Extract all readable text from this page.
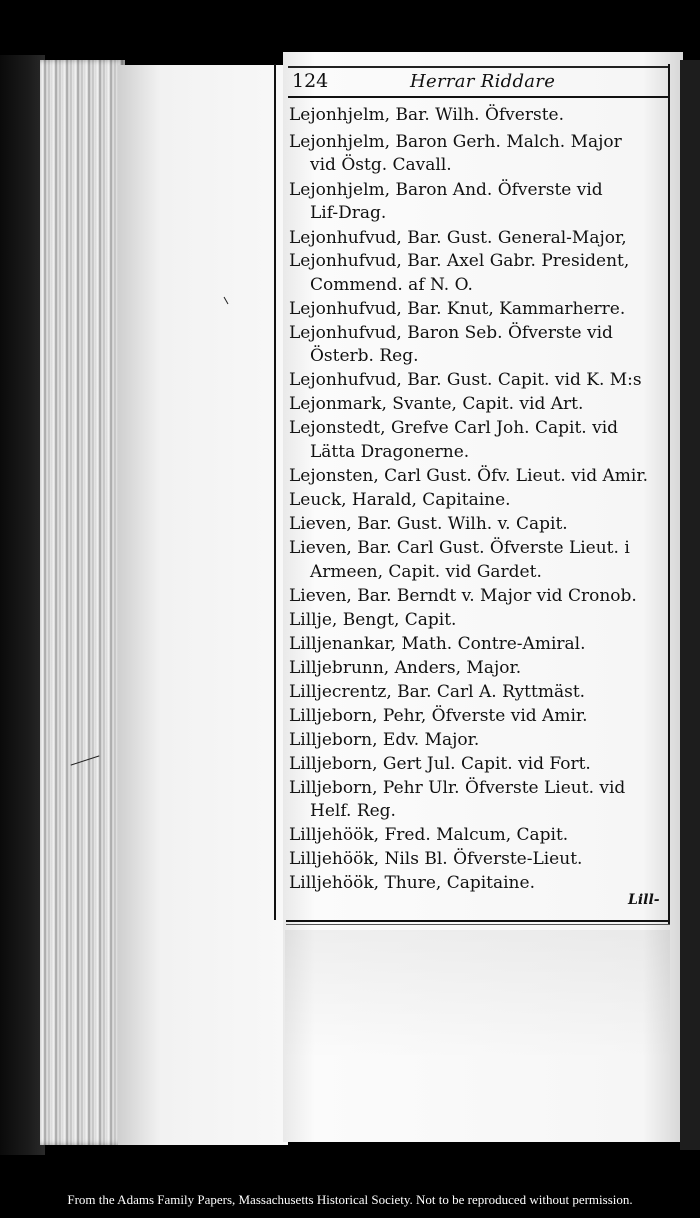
124	Herrar Riddare
Lejonhjelm, Bar. Wilh. Öfverste.
Lejonhjelm, Baron Gerh. Malch. Major
vid Östg. Cavall.
Lejonhjelm, Baron And. Öfverste vid
Lif-Drag.
Lejonhufvud, Bar. Gust. General-Major,
Lejonhufvud, Bar. Axel Gabr. President,
Commend. af N. O.
Lejonhufvud, Bar. Knut, Kammarherre.
Lejonhufvud, Baron Seb. Öfverste vid
Österb. Reg.
Lejonhufvud, Bar. Gust. Capit. vid K. M:s
Lejonmark, Svante, Capit. vid Art.
Lejonstedt, Grefve Carl Joh. Capit. vid
Lätta Dragonerne.
Lejonsten, Carl Gust. Öfv. Lieut. vid Amir.
Leuck, Harald, Capitaine.
Lieven, Bar. Gust. Wilh. v. Capit.
Lieven, Bar. Carl Gust. Öfverste Lieut. i
Armeen, Capit. vid Gardet.
Lieven, Bar. Berndt v. Major vid Cronob.
Lillje, Bengt, Capit.
Lilljenankar, Math. Contre-Amiral.
Lilljebrunn, Anders, Major.
Lilljecrentz, Bar. Carl A. Ryttmäst.
Lilljeborn, Pehr, Öfverste vid Amir.
Lilljeborn, Edv. Major.
Lilljeborn, Gert Jul. Capit. vid Fort.
Lilljeborn, Pehr Ulr. Öfverste Lieut. vid
Helf. Reg.
Lilljehöök, Fred. Malcum, Capit.
Lilljehöök, Nils Bl. Öfverste-Lieut.
Lilljehöök, Thure, Capitaine.
Lill-
From the Adams Family Papers, Massachusetts Historical Society. Not to be reproduced without permission.
